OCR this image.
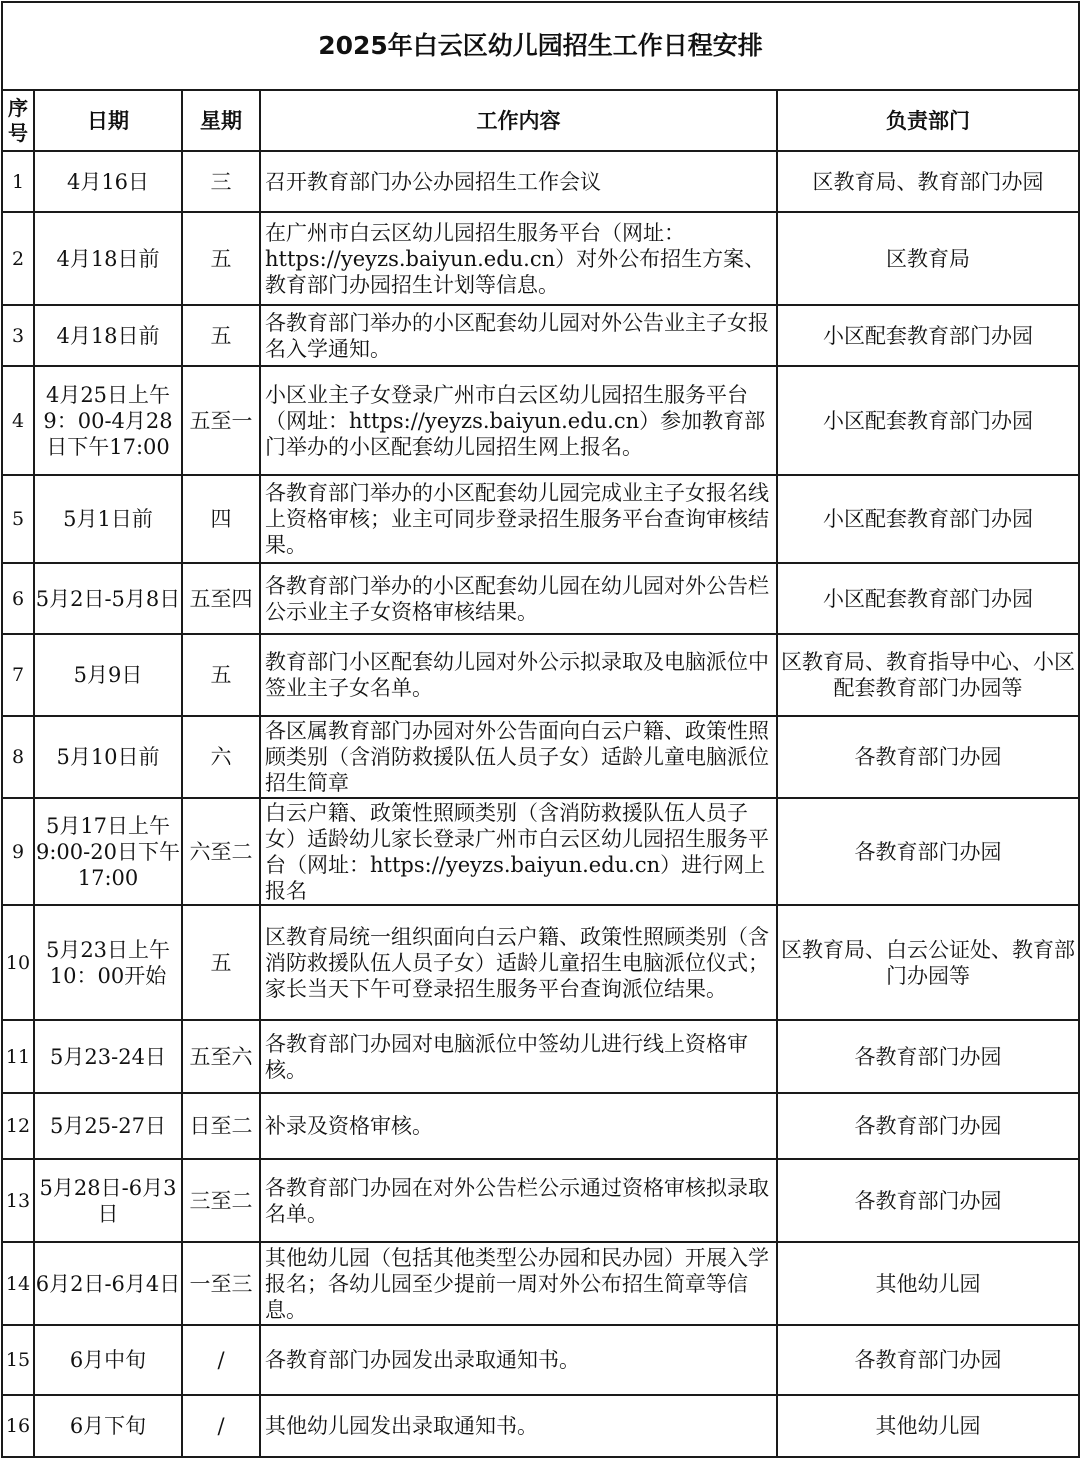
2025年白云区幼儿园招生工作日程安排				
序号	日期	星期	工作内容	负责部门
1	4月16日	三	召开教育部门办公办园招生工作会议	区教育局、教育部门办园
2	4月18日前	五	在广州市白云区幼儿园招生服务平台（网址：https://yeyzs.baiyun.edu.cn）对外公布招生方案、教育部门办园招生计划等信息。	区教育局
3	4月18日前	五	各教育部门举办的小区配套幼儿园对外公告业主子女报名入学通知。	小区配套教育部门办园
4	4月25日上午9：00-4月28日下午17:00	五至一	小区业主子女登录广州市白云区幼儿园招生服务平台（网址：https://yeyzs.baiyun.edu.cn）参加教育部门举办的小区配套幼儿园招生网上报名。	小区配套教育部门办园
5	5月1日前	四	各教育部门举办的小区配套幼儿园完成业主子女报名线上资格审核；业主可同步登录招生服务平台查询审核结果。	小区配套教育部门办园
6	5月2日-5月8日	五至四	各教育部门举办的小区配套幼儿园在幼儿园对外公告栏公示业主子女资格审核结果。	小区配套教育部门办园
7	5月9日	五	教育部门小区配套幼儿园对外公示拟录取及电脑派位中签业主子女名单。	区教育局、教育指导中心、小区配套教育部门办园等
8	5月10日前	六	各区属教育部门办园对外公告面向白云户籍、政策性照顾类别（含消防救援队伍人员子女）适龄儿童电脑派位招生简章	各教育部门办园
9	5月17日上午9:00-20日下午17:00	六至二	白云户籍、政策性照顾类别（含消防救援队伍人员子女）适龄幼儿家长登录广州市白云区幼儿园招生服务平台（网址：https://yeyzs.baiyun.edu.cn）进行网上报名	各教育部门办园
10	5月23日上午10：00开始	五	区教育局统一组织面向白云户籍、政策性照顾类别（含消防救援队伍人员子女）适龄儿童招生电脑派位仪式；家长当天下午可登录招生服务平台查询派位结果。	区教育局、白云公证处、教育部门办园等
11	5月23-24日	五至六	各教育部门办园对电脑派位中签幼儿进行线上资格审核。	各教育部门办园
12	5月25-27日	日至二	补录及资格审核。	各教育部门办园
13	5月28日-6月3日	三至二	各教育部门办园在对外公告栏公示通过资格审核拟录取名单。	各教育部门办园
14	6月2日-6月4日	一至三	其他幼儿园（包括其他类型公办园和民办园）开展入学报名；各幼儿园至少提前一周对外公布招生简章等信息。	其他幼儿园
15	6月中旬	/	各教育部门办园发出录取通知书。	各教育部门办园
16	6月下旬	/	其他幼儿园发出录取通知书。	其他幼儿园
